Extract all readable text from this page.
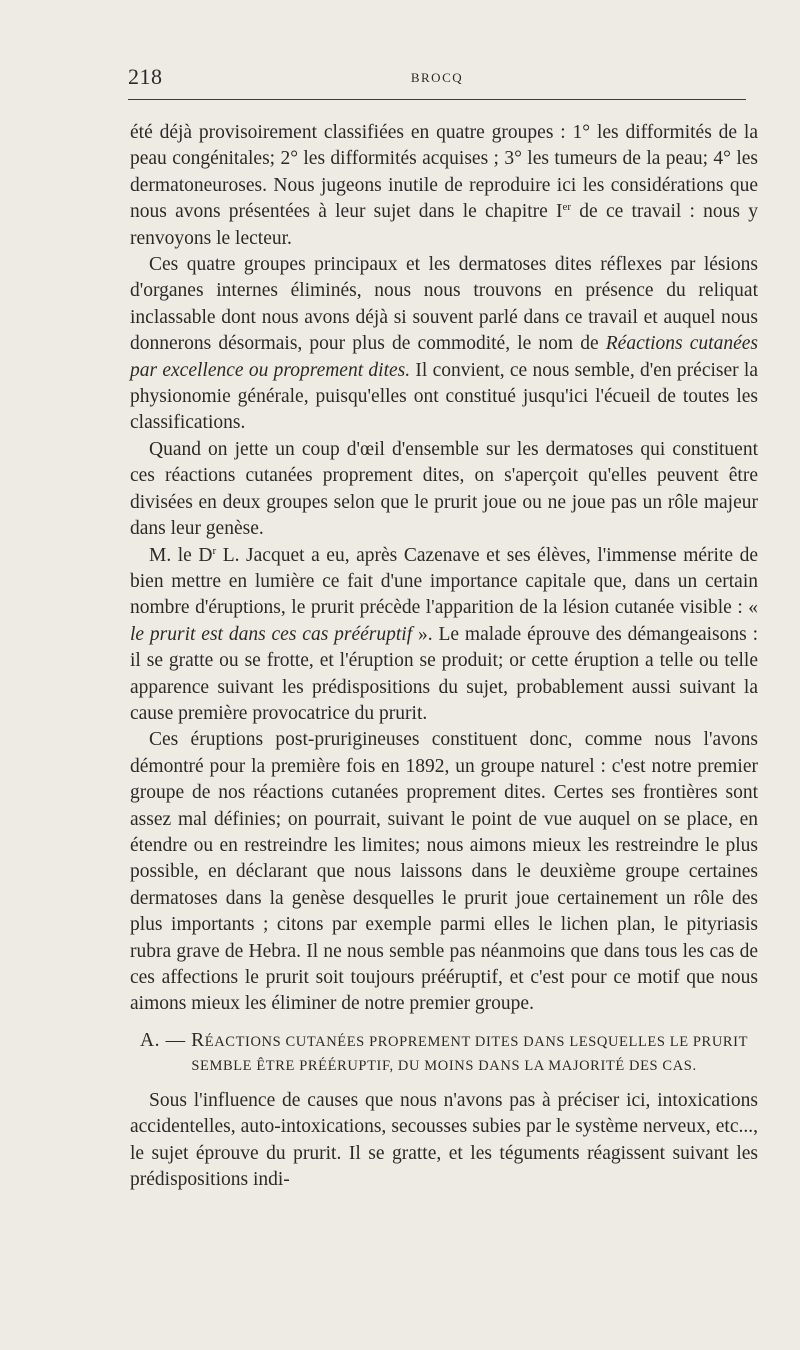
218	BROCQ

été déjà provisoirement classifiées en quatre groupes : 1° les difformités de la peau congénitales; 2° les difformités acquises ; 3° les tumeurs de la peau; 4° les dermatoneuroses. Nous jugeons inutile de reproduire ici les considérations que nous avons présentées à leur sujet dans le chapitre Ier de ce travail : nous y renvoyons le lecteur.

Ces quatre groupes principaux et les dermatoses dites réflexes par lésions d'organes internes éliminés, nous nous trouvons en présence du reliquat inclassable dont nous avons déjà si souvent parlé dans ce travail et auquel nous donnerons désormais, pour plus de commodité, le nom de Réactions cutanées par excellence ou proprement dites. Il convient, ce nous semble, d'en préciser la physionomie générale, puisqu'elles ont constitué jusqu'ici l'écueil de toutes les classifications.

Quand on jette un coup d'œil d'ensemble sur les dermatoses qui constituent ces réactions cutanées proprement dites, on s'aperçoit qu'elles peuvent être divisées en deux groupes selon que le prurit joue ou ne joue pas un rôle majeur dans leur genèse.

M. le $D^r$ L. Jacquet a eu, après Cazenave et ses élèves, l'immense mérite de bien mettre en lumière ce fait d'une importance capitale que, dans un certain nombre d'éruptions, le prurit précède l'apparition de la lésion cutanée visible : « le prurit est dans ces cas prééruptif ». Le malade éprouve des démangeaisons : il se gratte ou se frotte, et l'éruption se produit; or cette éruption a telle ou telle apparence suivant les prédispositions du sujet, probablement aussi suivant la cause première provocatrice du prurit.

Ces éruptions post-prurigineuses constituent donc, comme nous l'avons démontré pour la première fois en 1892, un groupe naturel : c'est notre premier groupe de nos réactions cutanées proprement dites. Certes ses frontières sont assez mal définies; on pourrait, suivant le point de vue auquel on se place, en étendre ou en restreindre les limites; nous aimons mieux les restreindre le plus possible, en déclarant que nous laissons dans le deuxième groupe certaines dermatoses dans la genèse desquelles le prurit joue certainement un rôle des plus importants ; citons par exemple parmi elles le lichen plan, le pityriasis rubra grave de Hebra. Il ne nous semble pas néanmoins que dans tous les cas de ces affections le prurit soit toujours prééruptif, et c'est pour ce motif que nous aimons mieux les éliminer de notre premier groupe.

A. — RÉACTIONS CUTANÉES PROPREMENT DITES DANS LESQUELLES LE PRURIT
SEMBLE ÊTRE PRÉÉRUPTIF, DU MOINS DANS LA MAJORITÉ DES CAS.

Sous l'influence de causes que nous n'avons pas à préciser ici, intoxications accidentelles, auto-intoxications, secousses subies par le système nerveux, etc..., le sujet éprouve du prurit. Il se gratte, et les téguments réagissent suivant les prédispositions indi-
